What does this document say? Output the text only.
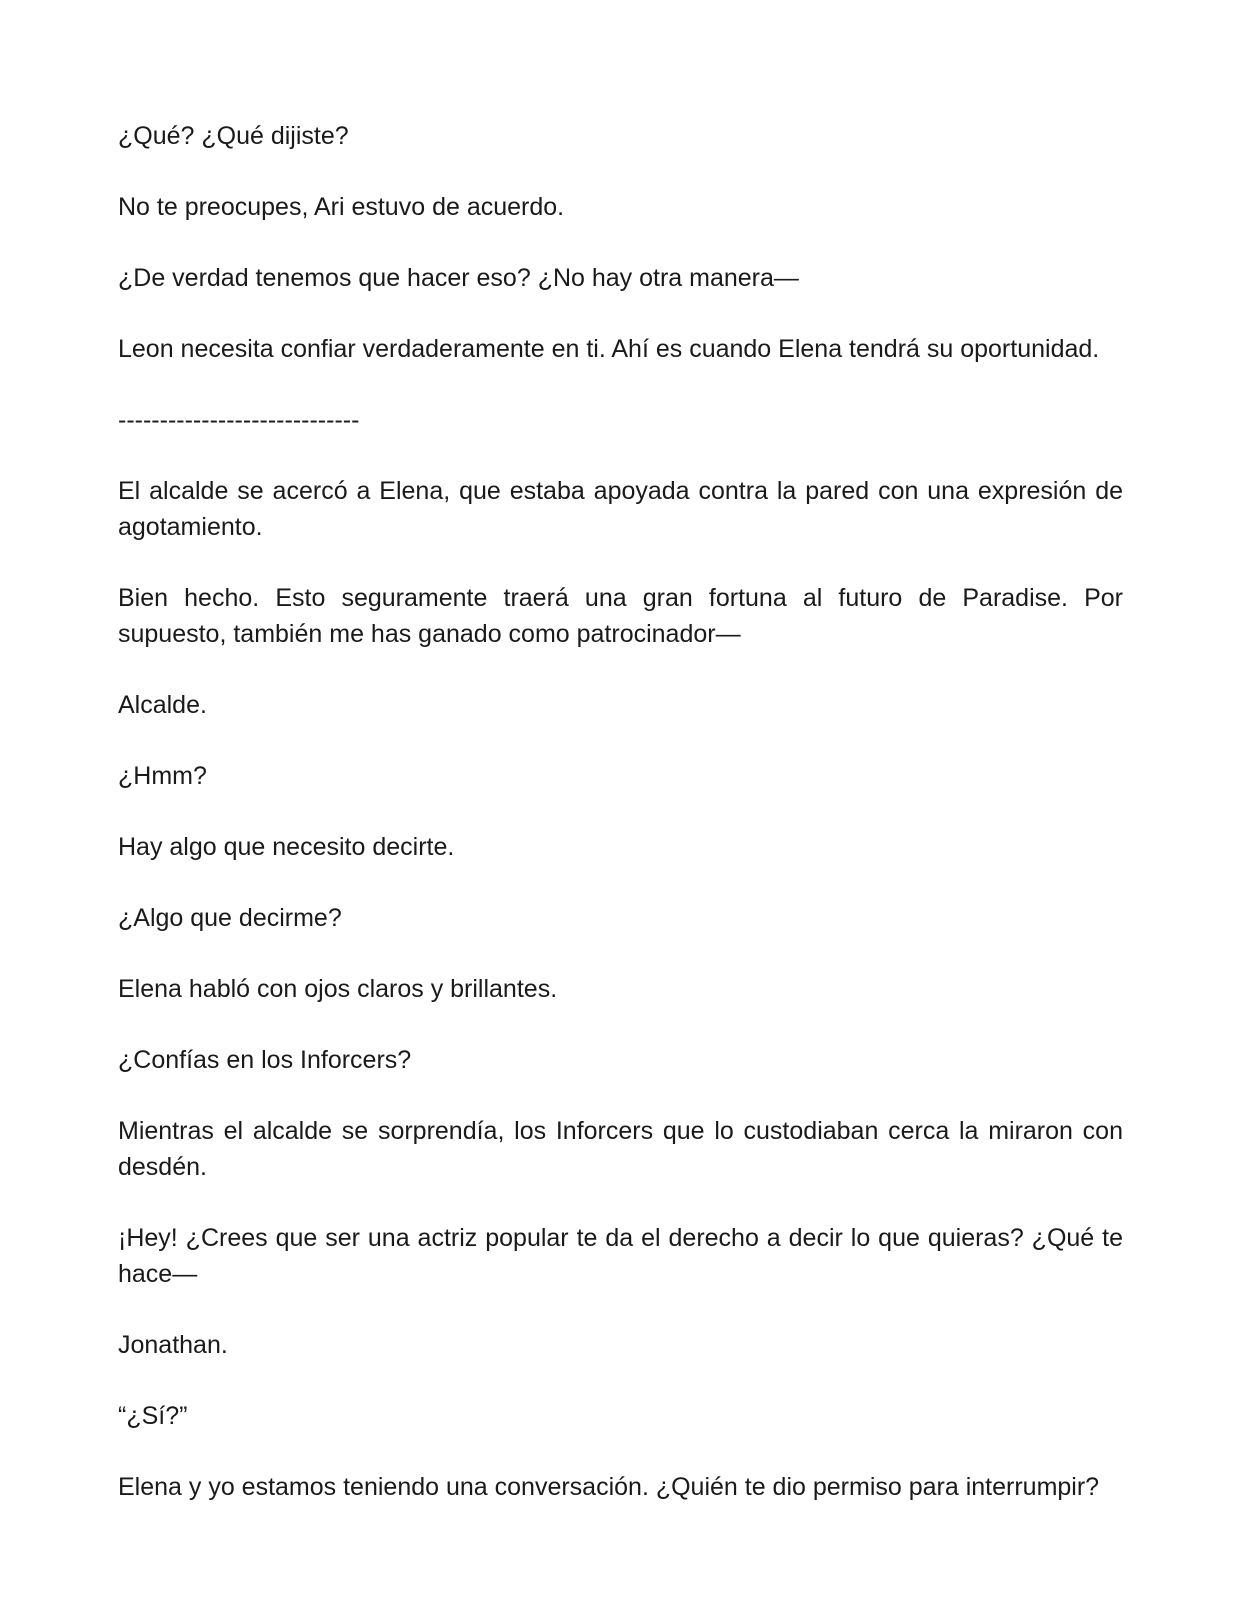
¿Qué? ¿Qué dijiste?

No te preocupes, Ari estuvo de acuerdo.

¿De verdad tenemos que hacer eso? ¿No hay otra manera—

Leon necesita confiar verdaderamente en ti. Ahí es cuando Elena tendrá su oportunidad.

-----------------------------

El alcalde se acercó a Elena, que estaba apoyada contra la pared con una expresión de agotamiento.

Bien hecho. Esto seguramente traerá una gran fortuna al futuro de Paradise. Por supuesto, también me has ganado como patrocinador—

Alcalde.

¿Hmm?

Hay algo que necesito decirte.

¿Algo que decirme?

Elena habló con ojos claros y brillantes.

¿Confías en los Inforcers?

Mientras el alcalde se sorprendía, los Inforcers que lo custodiaban cerca la miraron con desdén.

¡Hey! ¿Crees que ser una actriz popular te da el derecho a decir lo que quieras? ¿Qué te hace—

Jonathan.

“¿Sí?”

Elena y yo estamos teniendo una conversación. ¿Quién te dio permiso para interrumpir?
